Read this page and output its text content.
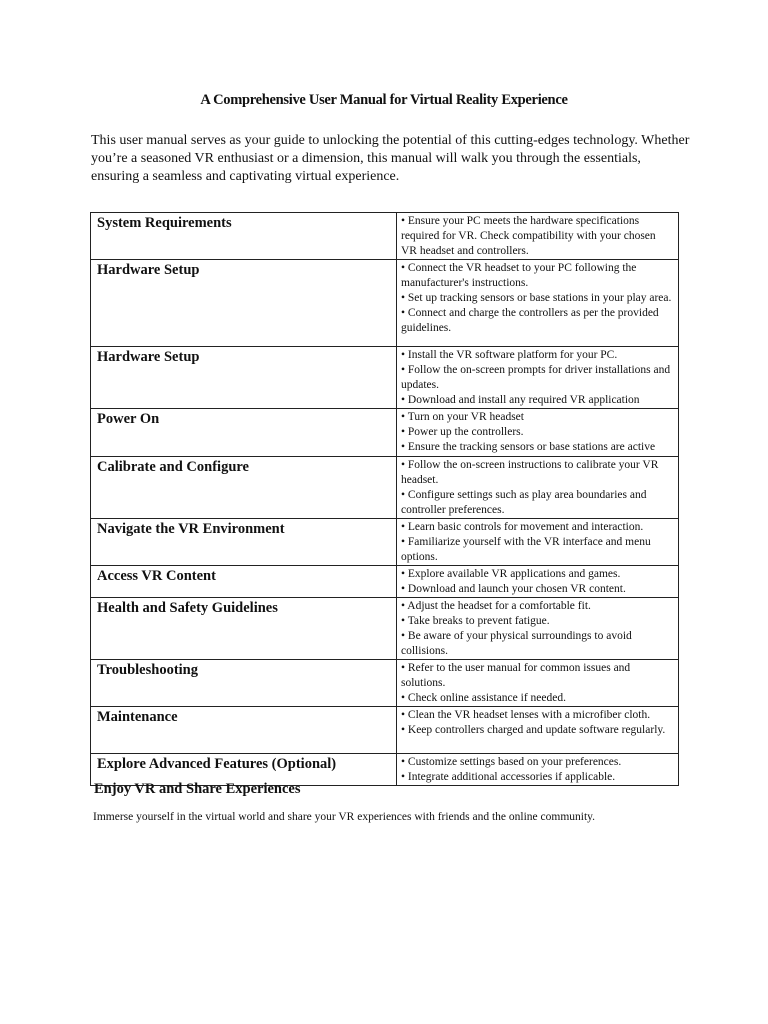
A Comprehensive User Manual for Virtual Reality Experience
This user manual serves as your guide to unlocking the potential of this cutting-edges technology. Whether you’re a seasoned VR enthusiast or a dimension, this manual will walk you through the essentials, ensuring a seamless and captivating virtual experience.
System Requirements	• Ensure your PC meets the hardware specifications required for VR. Check compatibility with your chosen VR headset and controllers.

Hardware Setup	• Connect the VR headset to your PC following the manufacturer's instructions.
• Set up tracking sensors or base stations in your play area.
• Connect and charge the controllers as per the provided guidelines.

Hardware Setup	• Install the VR software platform for your PC.
• Follow the on-screen prompts for driver installations and updates.
• Download and install any required VR application

Power On	• Turn on your VR headset
• Power up the controllers.
• Ensure the tracking sensors or base stations are active

Calibrate and Configure	• Follow the on-screen instructions to calibrate your VR headset.
• Configure settings such as play area boundaries and controller preferences.

Navigate the VR Environment	• Learn basic controls for movement and interaction.
• Familiarize yourself with the VR interface and menu options.

Access VR Content	• Explore available VR applications and games.
• Download and launch your chosen VR content.

Health and Safety Guidelines	• Adjust the headset for a comfortable fit.
• Take breaks to prevent fatigue.
• Be aware of your physical surroundings to avoid collisions.

Troubleshooting	• Refer to the user manual for common issues and solutions.
• Check online assistance if needed.

Maintenance	• Clean the VR headset lenses with a microfiber cloth.
• Keep controllers charged and update software regularly.

Explore Advanced Features (Optional)	• Customize settings based on your preferences.
• Integrate additional accessories if applicable.
Enjoy VR and Share Experiences
Immerse yourself in the virtual world and share your VR experiences with friends and the online community.
